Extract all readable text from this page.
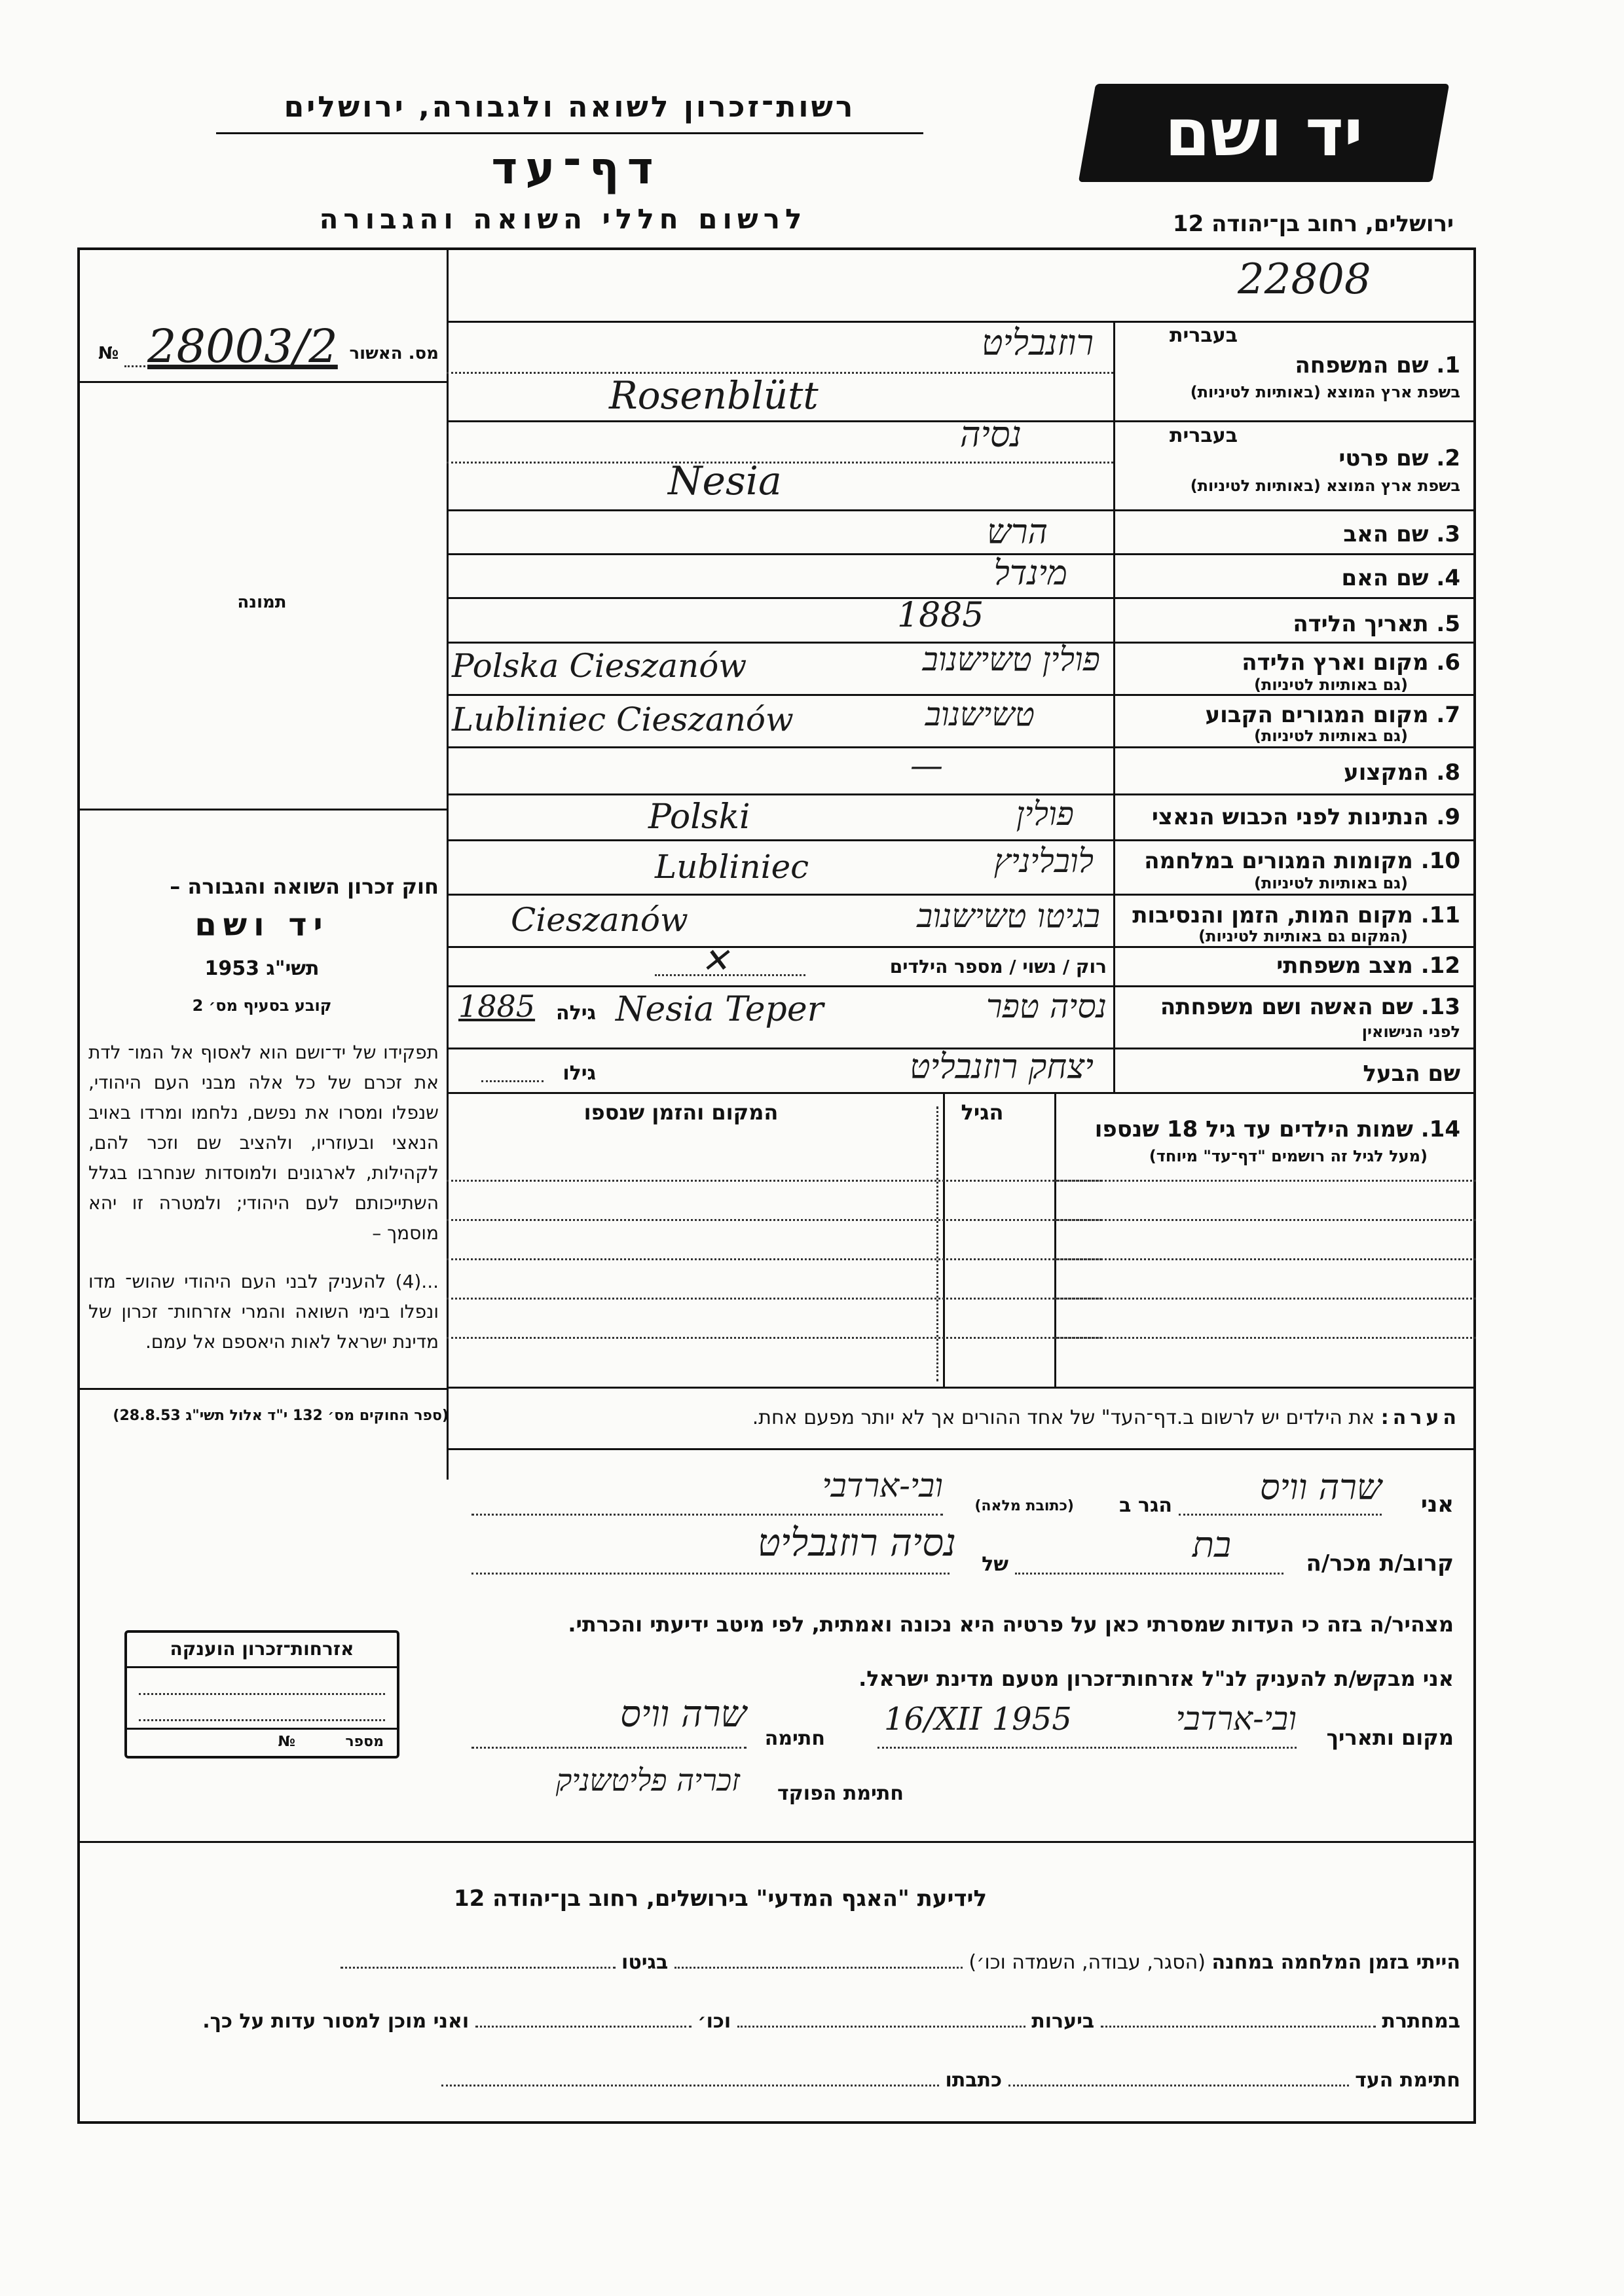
רשות־זכרון לשואה ולגבורה, ירושלים
דף־עד
לרשום חללי השואה והגבורה
יד ושם
ירושלים, רחוב בן־יהודה 12
22808
מס. האשור
№ 28003/2
תמונה
בעברית
1. שם המשפחה
בשפת ארץ המוצא (באותיות לטיניות)
רוזנבליט
Rosenblütt
בעברית
2. שם פרטי
בשפת ארץ המוצא (באותיות לטיניות)
נסיה
Nesia
3. שם האב
הרש
4. שם האם
מינדל
5. תאריך הלידה
1885
6. מקום וארץ הלידה
(גם באותיות לטיניות)
פולין טשישנוב
Polska Cieszanów
7. מקום המגורים הקבוע
(גם באותיות לטיניות)
טשישנוב
Lubliniec Cieszanów
8. המקצוע
—
9. הנתינות לפני הכבוש הנאצי
פולין
Polski
10. מקומות המגורים במלחמה
(גם באותיות לטיניות)
לובליניץ
Lubliniec
11. מקום המות, הזמן והנסיבות
(המקום גם באותיות לטיניות)
בגיטו טשישנוב
Cieszanów
12. מצב משפחתי
רוק / נשוי / מספר הילדים
✕
13. שם האשה ושם משפחתה
לפני הנישואין
נסיה טפר
Nesia Teper
גילה
1885
שם הבעל
יצחק רוזנבליט
גילו
14. שמות הילדים עד גיל 18 שנספו
(מעל לגיל זה רושמים "דף־עד" מיוחד)
הגיל
המקום והזמן שנספו
חוק זכרון השואה והגבורה –
יד ושם
תשי"ג 1953
קובע בסעיף מס׳ 2
תפקידו של יד־ושם הוא לאסוף אל המו־ לדת את זכרם של כל אלה מבני העם היהודי, שנפלו ומסרו את נפשם, נלחמו ומרדו באויב הנאצי ובעוזריו, ולהציב שם וזכר להם, לקהילות, לארגונים ולמוסדות שנחרבו בגלל השתייכותם לעם היהודי; ולמטרה זו יהא מוסמך –
...(4) להעניק לבני העם היהודי שהוש־ מדו ונפלו בימי השואה והמרי אזרחות־ זכרון של מדינת ישראל לאות היאספם אל עמם.
(ספר החוקים מס׳ 132 י"ד אלול תשי"ג 28.8.53)	הערה: את הילדים יש לרשום ב.דף־העד" של אחד ההורים אך לא יותר מפעם אחת.
אני
שרה וויס
הגר ב
(כתובת מלאה)
ובי-ארדבי
קרוב/ת מכר/ה
בת
של
נסיה רוזנבליט
מצהיר/ה בזה כי העדות שמסרתי כאן על פרטיה היא נכונה ואמתית, לפי מיטב ידיעתי והכרתי.
אני מבקש/ת להעניק לנ"ל אזרחות־זכרון מטעם מדינת ישראל.
מקום ותאריך
ובי-ארדבי
16/XII 1955
חתימה
שרה וויס
חתימת הפוקד
זכריה פליטשניק
אזרחות־זכרון הוענקה
מספר
№
לידיעת "האגף המדעי" בירושלים, רחוב בן־יהודה 12
הייתי בזמן המלחמה במחנה (הסגר, עבודה, השמדה וכו׳)  בגיטו
במחתרת  ביערות  וכו׳  ואני מוכן למסור עדות על כך.
חתימת העד  כתבתו
